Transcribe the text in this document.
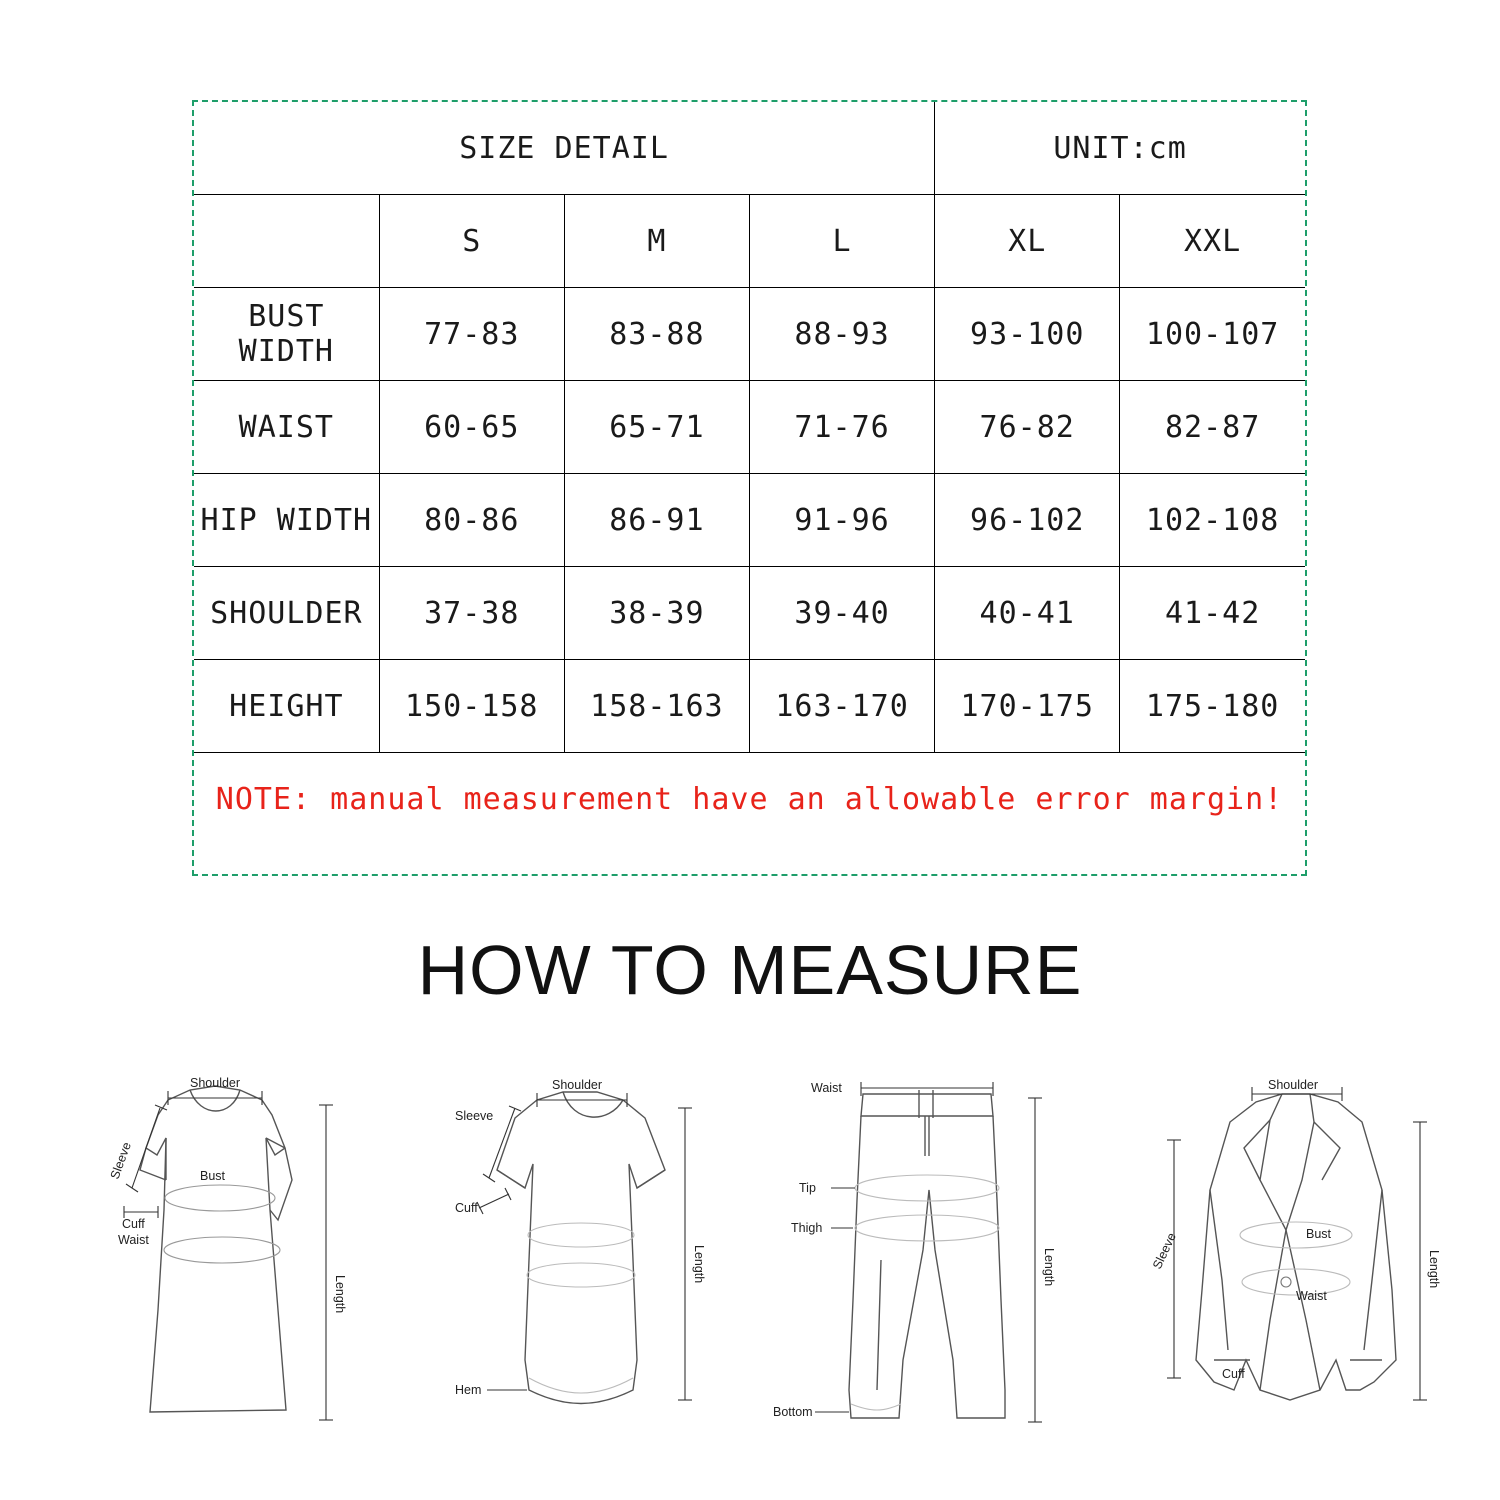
SIZE DETAIL				UNIT:cm	
	S	M	L	XL	XXL
BUST WIDTH	77-83	83-88	88-93	93-100	100-107
WAIST	60-65	65-71	71-76	76-82	82-87
HIP WIDTH	80-86	86-91	91-96	96-102	102-108
SHOULDER	37-38	38-39	39-40	40-41	41-42
HEIGHT	150-158	158-163	163-170	170-175	175-180
NOTE: manual measurement have an allowable error margin!					
HOW TO MEASURE
Shoulder
Sleeve	Bust
Cuff
Waist
Length
Shoulder
Sleeve
Cuff
Length
Hem
Waist
Tip
Thigh
Length
Bottom
Shoulder
Sleeve	Bust
Waist
Length
Cuff
